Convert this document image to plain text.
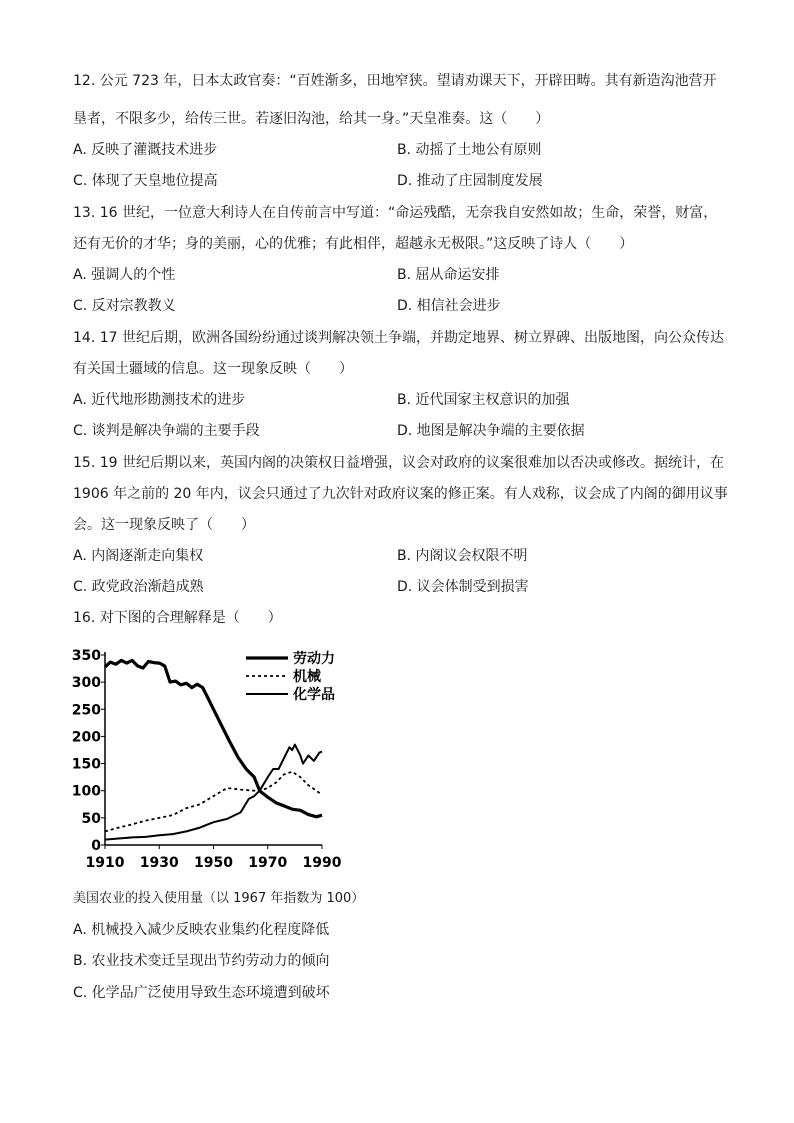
12. 公元 723 年，日本太政官奏：“百姓渐多，田地窄狭。望请劝课天下，开辟田畴。其有新造沟池营开
垦者，不限多少，给传三世。若逐旧沟池，给其一身。”天皇准奏。这（　　）
A. 反映了灌溉技术进步	B. 动摇了土地公有原则
C. 体现了天皇地位提高	D. 推动了庄园制度发展
13. 16 世纪，一位意大利诗人在自传前言中写道：“命运残酷，无奈我自安然如故；生命，荣誉，财富，
还有无价的才华；身的美丽，心的优雅；有此相伴，超越永无极限。”这反映了诗人（　　）
A. 强调人的个性	B. 屈从命运安排
C. 反对宗教教义	D. 相信社会进步
14. 17 世纪后期，欧洲各国纷纷通过谈判解决领土争端，并勘定地界、树立界碑、出版地图，向公众传达
有关国土疆域的信息。这一现象反映（　　）
A. 近代地形勘测技术的进步	B. 近代国家主权意识的加强
C. 谈判是解决争端的主要手段	D. 地图是解决争端的主要依据
15. 19 世纪后期以来，英国内阁的决策权日益增强，议会对政府的议案很难加以否决或修改。据统计，在
1906 年之前的 20 年内，议会只通过了九次针对政府议案的修正案。有人戏称，议会成了内阁的御用议事
会。这一现象反映了（　　）
A. 内阁逐渐走向集权	B. 内阁议会权限不明
C. 政党政治渐趋成熟	D. 议会体制受到损害
16. 对下图的合理解释是（　　）
0
50
100
150
200
250
300
350
1910 1930 1950 1970 1990
劳动力
机械
化学品
美国农业的投入使用量（以 1967 年指数为 100）
A. 机械投入减少反映农业集约化程度降低
B. 农业技术变迁呈现出节约劳动力的倾向
C. 化学品广泛使用导致生态环境遭到破坏
